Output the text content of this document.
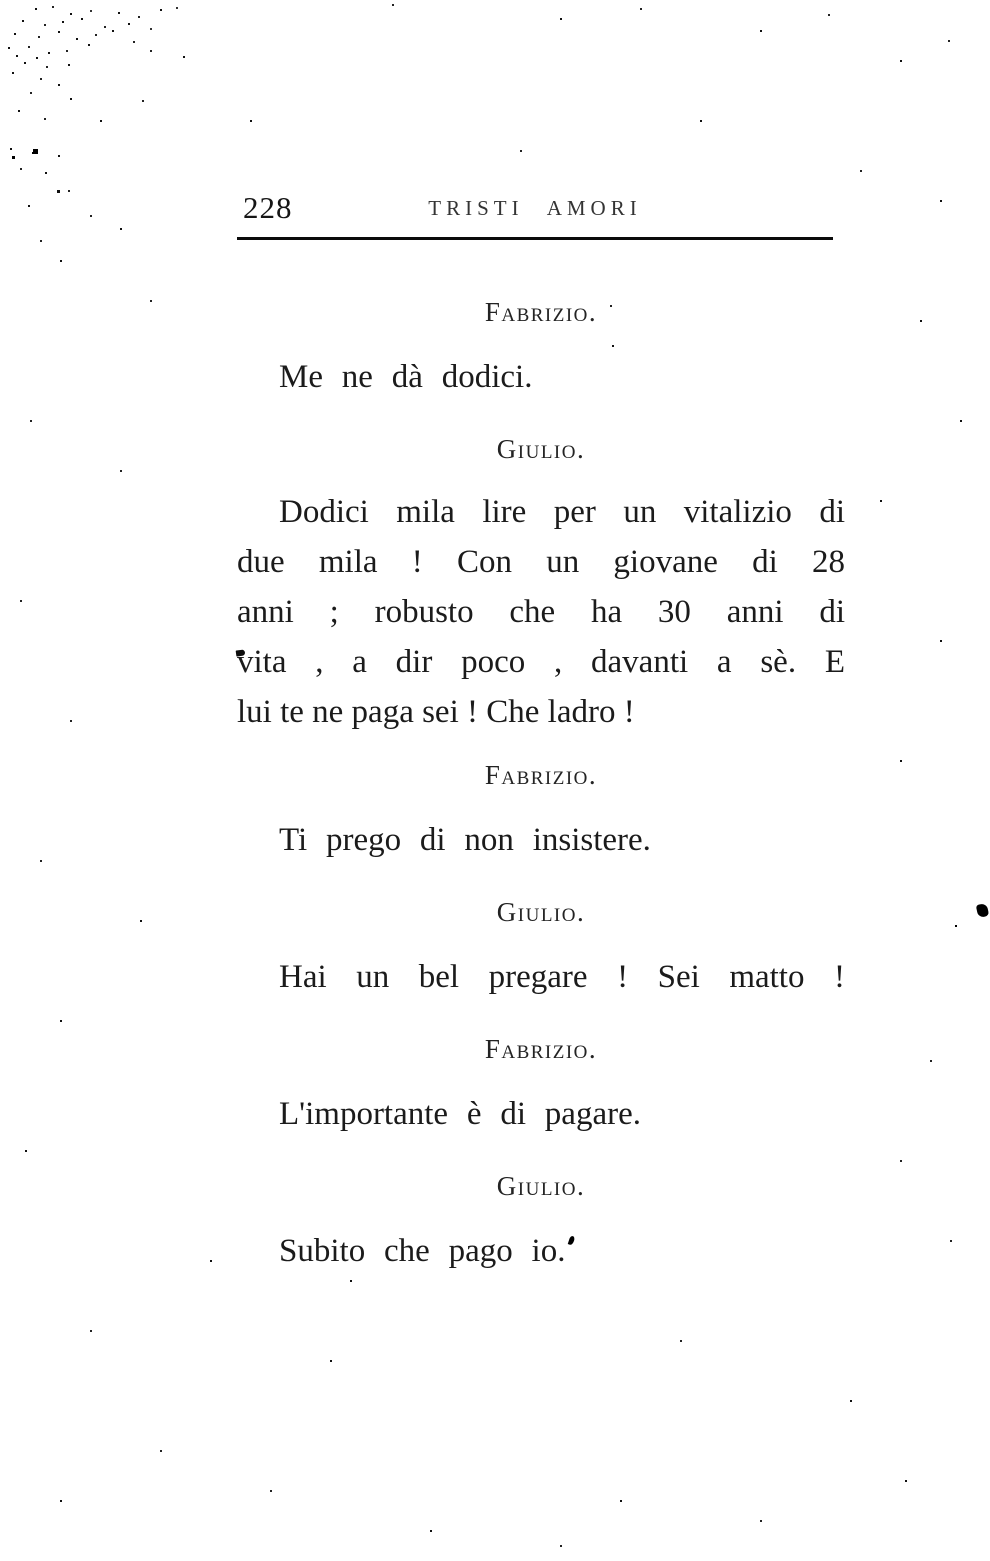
228	TRISTI AMORI
Fabrizio.
Me ne dà dodici.
Giulio.
Dodici mila lire per un vitalizio di
due mila ! Con un giovane di 28
anni ; robusto che ha 30 anni di
vita , a dir poco , davanti a sè. E
lui te ne paga sei ! Che ladro !
Fabrizio.
Ti prego di non insistere.
Giulio.
Hai un bel pregare ! Sei matto !
Fabrizio.
L'importante è di pagare.
Giulio.
Subito che pago io.
